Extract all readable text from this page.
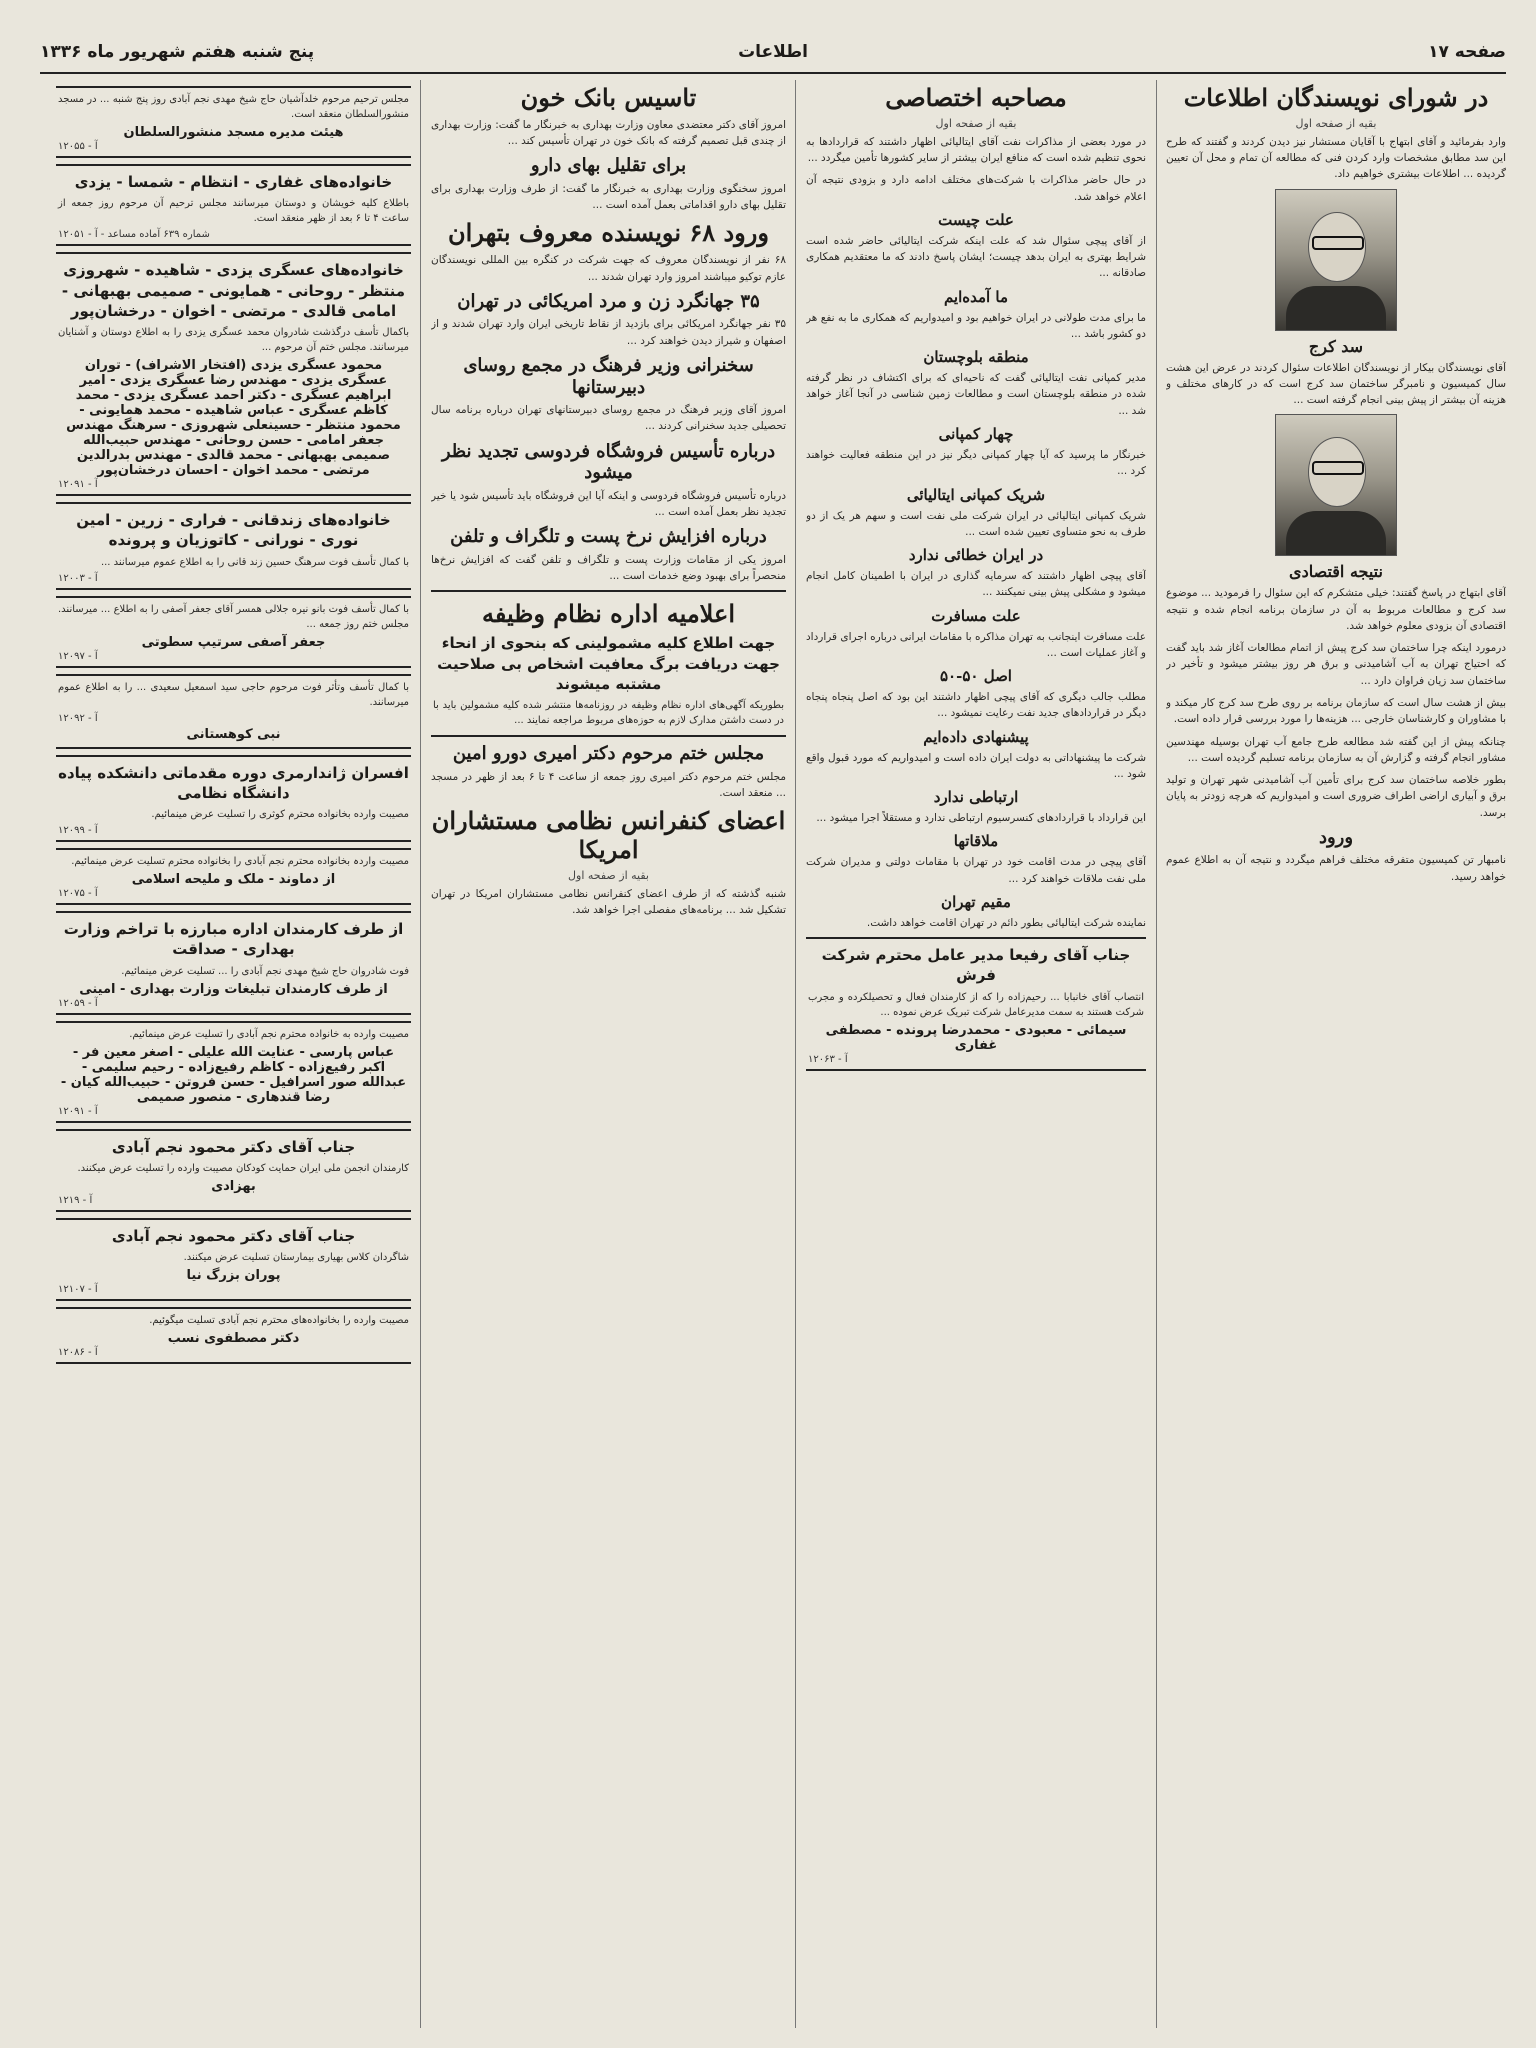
صفحه ۱۷
اطلاعات
پنج شنبه هفتم شهریور ماه ۱۳۳۶
در شورای نویسندگان اطلاعات
بقیه از صفحه اول

وارد بفرمائید و آقای ابتهاج با آقایان مستشار نیز دیدن کردند و گفتند که طرح این سد مطابق مشخصات وارد کردن فنی که مطالعه آن تمام و محل آن تعیین گردیده ... اطلاعات بیشتری خواهیم داد.

سد کرج

آقای نویسندگان بیکار از نویسندگان اطلاعات سئوال کردند در عرض این هشت سال کمیسیون و نامبرگر ساختمان سد کرج است که در کارهای مختلف و هزینه آن بیشتر از پیش بینی انجام گرفته است ...

نتیجه اقتصادی

آقای ابتهاج در پاسخ گفتند: خیلی متشکرم که این سئوال را فرمودید ... موضوع سد کرج و مطالعات مربوط به آن در سازمان برنامه انجام شده و نتیجه اقتصادی آن بزودی معلوم خواهد شد.

درمورد اینکه چرا ساختمان سد کرج پیش از اتمام مطالعات آغاز شد باید گفت که احتیاج تهران به آب آشامیدنی و برق هر روز بیشتر میشود و تأخیر در ساختمان سد زیان فراوان دارد ...

بیش از هشت سال است که سازمان برنامه بر روی طرح سد کرج کار میکند و با مشاوران و کارشناسان خارجی ... هزینه‌ها را مورد بررسی قرار داده است.

چنانکه پیش از این گفته شد مطالعه طرح جامع آب تهران بوسیله مهندسین مشاور انجام گرفته و گزارش آن به سازمان برنامه تسلیم گردیده است ...

بطور خلاصه ساختمان سد کرج برای تأمین آب آشامیدنی شهر تهران و تولید برق و آبیاری اراضی اطراف ضروری است و امیدواریم که هرچه زودتر به پایان برسد.

ورود

نامبهار تن کمیسیون متفرقه مختلف فراهم میگردد و نتیجه آن به اطلاع عموم خواهد رسید.

مصاحبه اختصاصی
بقیه از صفحه اول

در مورد بعضی از مذاکرات نفت آقای ایتالیائی اظهار داشتند که قراردادها به نحوی تنظیم شده است که منافع ایران بیشتر از سایر کشورها تأمین میگردد ...

در حال حاضر مذاکرات با شرکت‌های مختلف ادامه دارد و بزودی نتیجه آن اعلام خواهد شد.

علت چیست

از آقای پیچی سئوال شد که علت اینکه شرکت ایتالیائی حاضر شده است شرایط بهتری به ایران بدهد چیست؛ ایشان پاسخ دادند که ما معتقدیم همکاری صادقانه ...

ما آمده‌ایم

ما برای مدت طولانی در ایران خواهیم بود و امیدواریم که همکاری ما به نفع هر دو کشور باشد ...

منطقه بلوچستان

مدیر کمپانی نفت ایتالیائی گفت که ناحیه‌ای که برای اکتشاف در نظر گرفته شده در منطقه بلوچستان است و مطالعات زمین شناسی در آنجا آغاز خواهد شد ...

چهار کمپانی

خبرنگار ما پرسید که آیا چهار کمپانی دیگر نیز در این منطقه فعالیت خواهند کرد ...

شریک کمپانی ایتالیائی

شریک کمپانی ایتالیائی در ایران شرکت ملی نفت است و سهم هر یک از دو طرف به نحو متساوی تعیین شده است ...

در ایران خطائی ندارد

آقای پیچی اظهار داشتند که سرمایه گذاری در ایران با اطمینان کامل انجام میشود و مشکلی پیش بینی نمیکنند ...

علت مسافرت

علت مسافرت اینجانب به تهران مذاکره با مقامات ایرانی درباره اجرای قرارداد و آغاز عملیات است ...

اصل ۵۰-۵۰

مطلب جالب دیگری که آقای پیچی اظهار داشتند این بود که اصل پنجاه پنجاه دیگر در قراردادهای جدید نفت رعایت نمیشود ...

پیشنهادی داده‌ایم

شرکت ما پیشنهاداتی به دولت ایران داده است و امیدواریم که مورد قبول واقع شود ...

ارتباطی ندارد

این قرارداد با قراردادهای کنسرسیوم ارتباطی ندارد و مستقلاً اجرا میشود ...

ملاقاتها

آقای پیچی در مدت اقامت خود در تهران با مقامات دولتی و مدیران شرکت ملی نفت ملاقات خواهند کرد ...

مقیم تهران

نماینده شرکت ایتالیائی بطور دائم در تهران اقامت خواهد داشت.

جناب آقای رفیعا مدیر عامل محترم شرکت فرش

انتصاب آقای خانبابا ... رحیم‌زاده را که از کارمندان فعال و تحصیلکرده و مجرب شرکت هستند به سمت مدیرعامل شرکت تبریک عرض نموده ...

سیمائی - معبودی - محمدرضا پرونده - مصطفی غفاری
آ - ۱۲۰۶۳
تاسیس بانک خون

امروز آقای دکتر معتضدی معاون وزارت بهداری به خبرنگار ما گفت: وزارت بهداری از چندی قبل تصمیم گرفته که بانک خون در تهران تأسیس کند ...

برای تقلیل بهای دارو

امروز سخنگوی وزارت بهداری به خبرنگار ما گفت: از طرف وزارت بهداری برای تقلیل بهای دارو اقداماتی بعمل آمده است ...

ورود ۶۸ نویسنده معروف بتهران

۶۸ نفر از نویسندگان معروف که جهت شرکت در کنگره بین المللی نویسندگان عازم توکیو میباشند امروز وارد تهران شدند ...

۳۵ جهانگرد زن و مرد امریکائی در تهران

۳۵ نفر جهانگرد امریکائی برای بازدید از نقاط تاریخی ایران وارد تهران شدند و از اصفهان و شیراز دیدن خواهند کرد ...

سخنرانی وزیر فرهنگ در مجمع روسای دبیرستانها

امروز آقای وزیر فرهنگ در مجمع روسای دبیرستانهای تهران درباره برنامه سال تحصیلی جدید سخنرانی کردند ...

درباره تأسیس فروشگاه فردوسی تجدید نظر میشود

درباره تأسیس فروشگاه فردوسی و اینکه آیا این فروشگاه باید تأسیس شود یا خیر تجدید نظر بعمل آمده است ...

درباره افزایش نرخ پست و تلگراف و تلفن

امروز یکی از مقامات وزارت پست و تلگراف و تلفن گفت که افزایش نرخ‌ها منحصراً برای بهبود وضع خدمات است ...

اعلامیه اداره نظام وظیفه
جهت اطلاع کلیه مشمولینی که بنحوی از انحاء جهت دریافت برگ معافیت اشخاص بی صلاحیت مشتبه میشوند

بطوریکه آگهی‌های اداره نظام وظیفه در روزنامه‌ها منتشر شده کلیه مشمولین باید با در دست داشتن مدارک لازم به حوزه‌های مربوط مراجعه نمایند ...

مجلس ختم مرحوم دکتر امیری دورو امین

مجلس ختم مرحوم دکتر امیری روز جمعه از ساعت ۴ تا ۶ بعد از ظهر در مسجد ... منعقد است.

اعضای کنفرانس نظامی مستشاران امریکا
بقیه از صفحه اول

شنبه گذشته که از طرف اعضای کنفرانس نظامی مستشاران امریکا در تهران تشکیل شد ... برنامه‌های مفصلی اجرا خواهد شد.

مجلس ترحیم مرحوم خلدآشیان حاج شیخ مهدی نجم آبادی روز پنج شنبه ... در مسجد منشورالسلطان منعقد است.

هیئت مدیره مسجد منشورالسلطان
آ - ۱۲۰۵۵
خانواده‌های غفاری - انتظام - شمسا - یزدی

باطلاع کلیه خویشان و دوستان میرسانند مجلس ترحیم آن مرحوم روز جمعه از ساعت ۴ تا ۶ بعد از ظهر منعقد است.

شماره ۶۳۹ آماده مساعد - آ - ۱۲۰۵۱
خانواده‌های عسگری یزدی - شاهیده - شهروزی منتظر - روحانی - همایونی - صمیمی بهبهانی - امامی قالدی - مرتضی - اخوان - درخشان‌پور

باکمال تأسف درگذشت شادروان محمد عسگری یزدی را به اطلاع دوستان و آشنایان میرسانند. مجلس ختم آن مرحوم ...

محمود عسگری یزدی (افتخار الاشراف) - توران عسگری یزدی - مهندس رضا عسگری یزدی - امیر ابراهیم عسگری - دکتر احمد عسگری یزدی - محمد کاظم عسگری - عباس شاهیده - محمد همایونی - محمود منتظر - حسینعلی شهروزی - سرهنگ مهندس جعفر امامی - حسن روحانی - مهندس حبیب‌الله صمیمی بهبهانی - محمد قالدی - مهندس بدرالدین مرتضی - محمد اخوان - احسان درخشان‌پور
آ - ۱۲۰۹۱
خانواده‌های زندقانی - فراری - زرین - امین نوری - نورانی - کاتوزیان و پرونده

با کمال تأسف فوت سرهنگ حسین زند قانی را به اطلاع عموم میرسانند ...

آ - ۱۲۰۰۳

با کمال تأسف فوت بانو نیره جلالی همسر آقای جعفر آصفی را به اطلاع ... میرسانند. مجلس ختم روز جمعه ...

جعفر آصفی سرتیپ سطوتی
آ - ۱۲۰۹۷

با کمال تأسف وتأثر فوت مرحوم حاجی سید اسمعیل سعیدی ... را به اطلاع عموم میرسانند.

آ - ۱۲۰۹۲
نبی کوهستانی
افسران ژاندارمری دوره مقدماتی دانشکده پیاده دانشگاه نظامی

مصیبت وارده بخانواده محترم کوثری را تسلیت عرض مینمائیم.

آ - ۱۲۰۹۹

مصیبت واردہ بخانواده محترم نجم آبادی را بخانواده محترم تسلیت عرض مینمائیم.

از دماوند - ملک و ملیحه اسلامی
آ - ۱۲۰۷۵
از طرف کارمندان اداره مبارزه با تراخم وزارت بهداری - صداقت

فوت شادروان حاج شیخ مهدی نجم آبادی را ... تسلیت عرض مینمائیم.

از طرف کارمندان تبلیغات وزارت بهداری - امینی
آ - ۱۲۰۵۹

مصیبت وارده به خانواده محترم نجم آبادی را تسلیت عرض مینمائیم.

عباس پارسی - عنایت الله علیلی - اصغر معین فر - اکبر رفیع‌زاده - کاظم رفیع‌زاده - رحیم سلیمی - عبدالله صور اسرافیل - حسن فروتن - حبیب‌الله کیان - رضا قندهاری - منصور صمیمی
آ - ۱۲۰۹۱
جناب آقای دکتر محمود نجم آبادی

کارمندان انجمن ملی ایران حمایت کودکان مصیبت وارده را تسلیت عرض میکنند.

بهزادی
آ - ۱۲۱۹
جناب آقای دکتر محمود نجم آبادی

شاگردان کلاس بهیاری بیمارستان تسلیت عرض میکنند.

پوران بزرگ نیا
آ - ۱۲۱۰۷

مصیبت وارده را بخانواده‌های محترم نجم آبادی تسلیت میگوئیم.

دکتر مصطفوی نسب
آ - ۱۲۰۸۶
